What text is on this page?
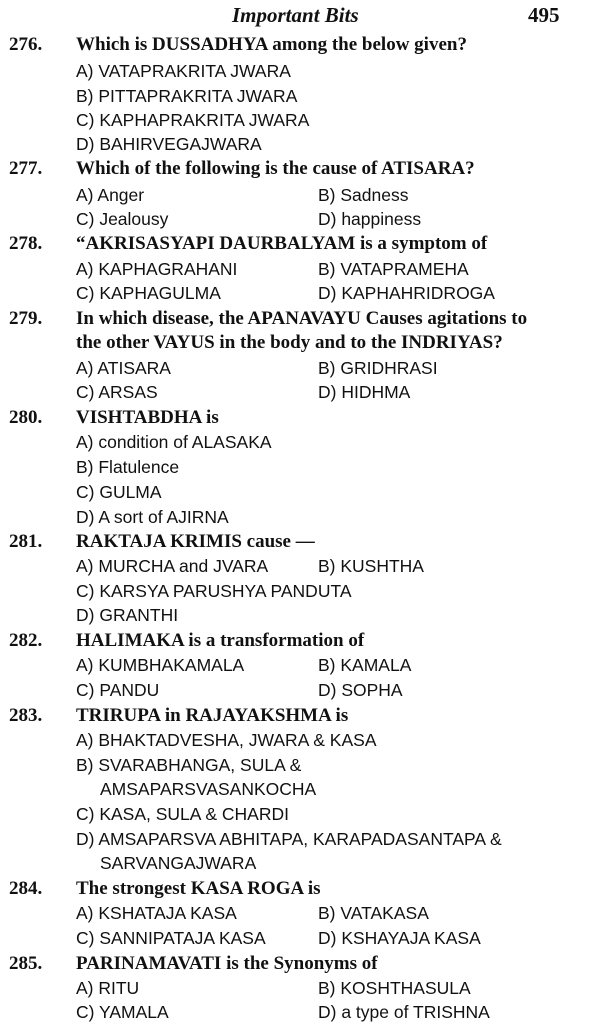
Important Bits	495
276. Which is DUSSADHYA among the below given?
A) VATAPRAKRITA JWARA
B) PITTAPRAKRITA JWARA
C) KAPHAPRAKRITA JWARA
D) BAHIRVEGAJWARA
277. Which of the following is the cause of ATISARA?
A) Anger	B) Sadness
C) Jealousy	D) happiness
278. “AKRISASYAPI DAURBALYAM is a symptom of
A) KAPHAGRAHANI	B) VATAPRAMEHA
C) KAPHAGULMA	D) KAPHAHRIDROGA
279. In which disease, the APANAVAYU Causes agitations to
the other VAYUS in the body and to the INDRIYAS?
A) ATISARA	B) GRIDHRASI
C) ARSAS	D) HIDHMA
280. VISHTABDHA is
A) condition of ALASAKA
B) Flatulence
C) GULMA
D) A sort of AJIRNA
281. RAKTAJA KRIMIS cause —
A) MURCHA and JVARA	B) KUSHTHA
C) KARSYA PARUSHYA PANDUTA
D) GRANTHI
282. HALIMAKA is a transformation of
A) KUMBHAKAMALA	B) KAMALA
C) PANDU	D) SOPHA
283. TRIRUPA in RAJAYAKSHMA is
A) BHAKTADVESHA, JWARA & KASA
B) SVARABHANGA, SULA &
AMSAPARSVASANKOCHA
C) KASA, SULA & CHARDI
D) AMSAPARSVA ABHITAPA, KARAPADASANTAPA &
SARVANGAJWARA
284. The strongest KASA ROGA is
A) KSHATAJA KASA	B) VATAKASA
C) SANNIPATAJA KASA	D) KSHAYAJA KASA
285. PARINAMAVATI is the Synonyms of
A) RITU	B) KOSHTHASULA
C) YAMALA	D) a type of TRISHNA
